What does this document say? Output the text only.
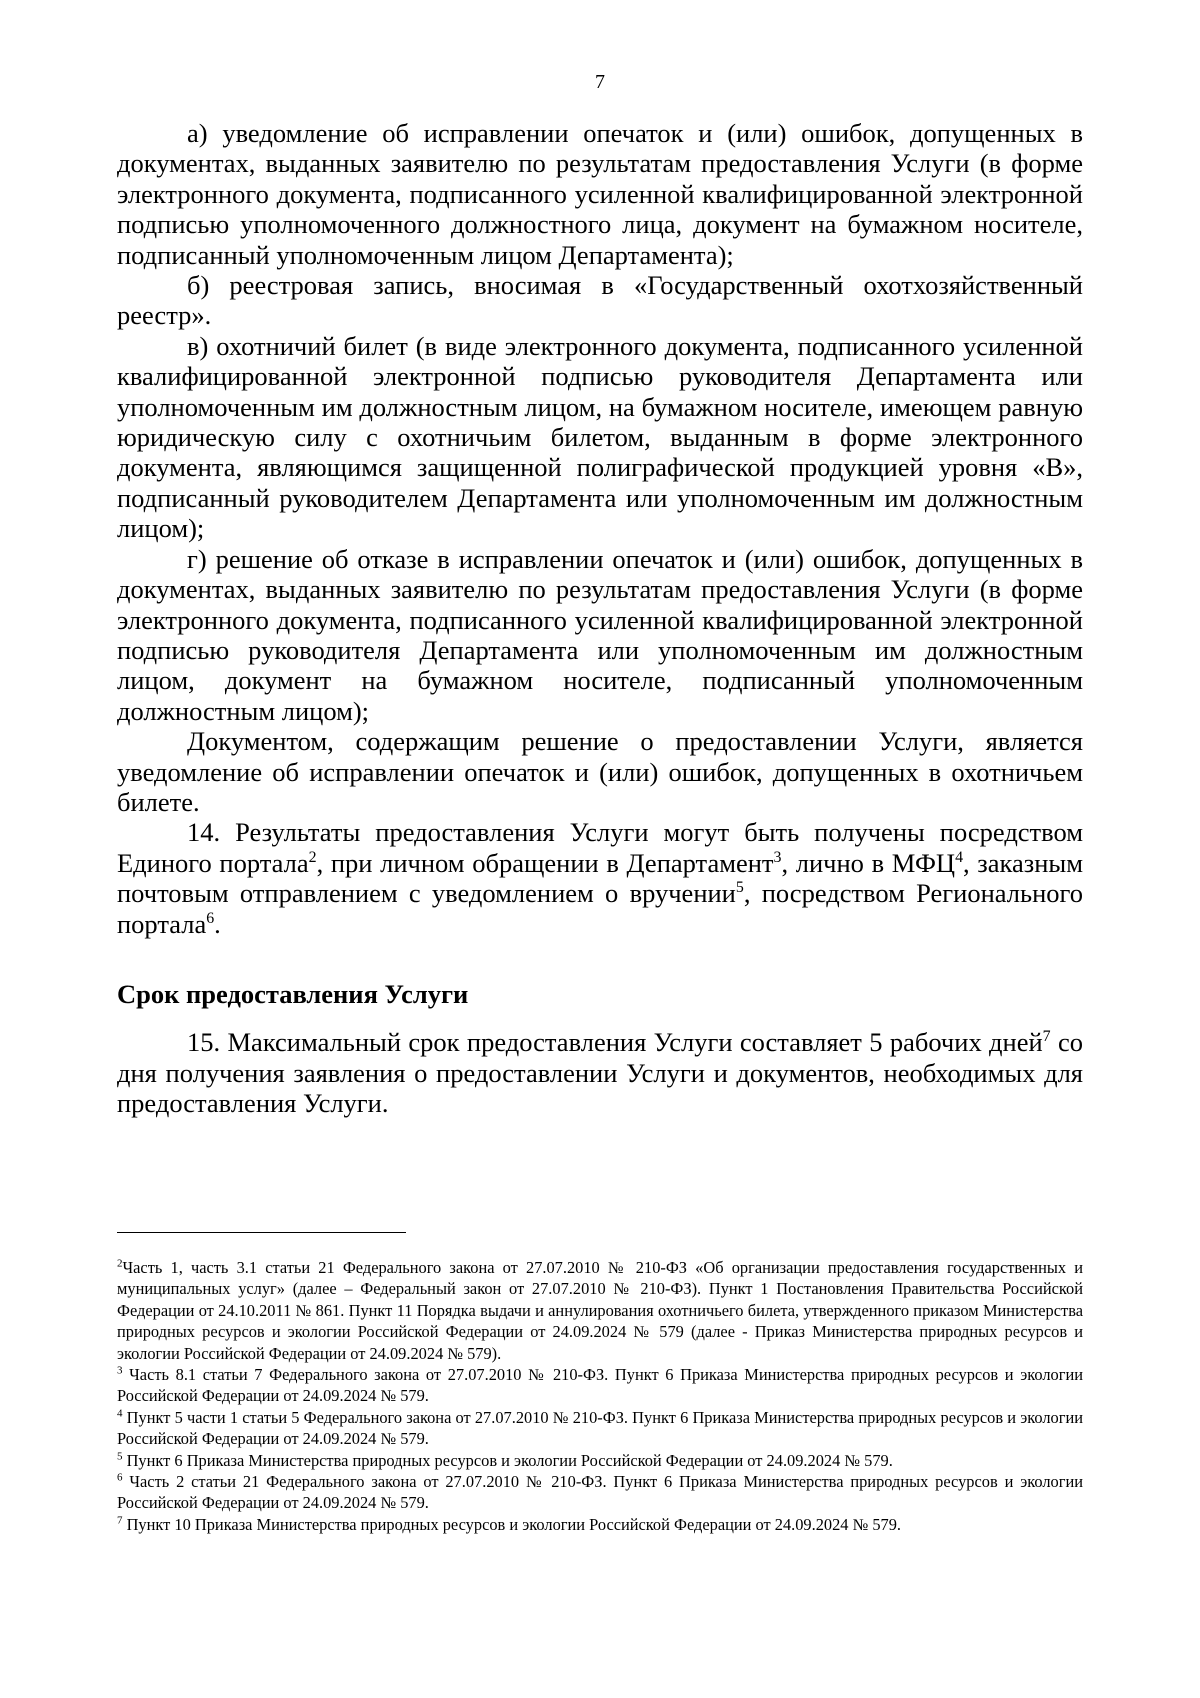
7

а) уведомление об исправлении опечаток и (или) ошибок, допущенных в документах, выданных заявителю по результатам предоставления Услуги (в форме электронного документа, подписанного усиленной квалифицированной электронной подписью уполномоченного должностного лица, документ на бумажном носителе, подписанный уполномоченным лицом Департамента);

б) реестровая запись, вносимая в «Государственный охотхозяйственный реестр».

в) охотничий билет (в виде электронного документа, подписанного усиленной квалифицированной электронной подписью руководителя Департамента или уполномоченным им должностным лицом, на бумажном носителе, имеющем равную юридическую силу с охотничьим билетом, выданным в форме электронного документа, являющимся защищенной полиграфической продукцией уровня «В», подписанный руководителем Департамента или уполномоченным им должностным лицом);

г) решение об отказе в исправлении опечаток и (или) ошибок, допущенных в документах, выданных заявителю по результатам предоставления Услуги (в форме электронного документа, подписанного усиленной квалифицированной электронной подписью руководителя Департамента или уполномоченным им должностным лицом, документ на бумажном носителе, подписанный уполномоченным должностным лицом);

Документом, содержащим решение о предоставлении Услуги, является уведомление об исправлении опечаток и (или) ошибок, допущенных в охотничьем билете.

14. Результаты предоставления Услуги могут быть получены посредством Единого портала$^2$, при личном обращении в Департамент$^3$, лично в МФЦ$^4$, заказным почтовым отправлением с уведомлением о вручении$^5$, посредством Регионального портала$^6$.

Срок предоставления Услуги

15. Максимальный срок предоставления Услуги составляет 5 рабочих дней$^7$ со дня получения заявления о предоставлении Услуги и документов, необходимых для предоставления Услуги.

$^2$Часть 1, часть 3.1 статьи 21 Федерального закона от 27.07.2010 № 210-ФЗ «Об организации предоставления государственных и муниципальных услуг» (далее – Федеральный закон от 27.07.2010 № 210-ФЗ). Пункт 1 Постановления Правительства Российской Федерации от 24.10.2011 № 861. Пункт 11 Порядка выдачи и аннулирования охотничьего билета, утвержденного приказом Министерства природных ресурсов и экологии Российской Федерации от 24.09.2024 № 579 (далее - Приказ Министерства природных ресурсов и экологии Российской Федерации от 24.09.2024 № 579).

$^3$ Часть 8.1 статьи 7 Федерального закона от 27.07.2010 № 210-ФЗ. Пункт 6 Приказа Министерства природных ресурсов и экологии Российской Федерации от 24.09.2024 № 579.

$^4$ Пункт 5 части 1 статьи 5 Федерального закона от 27.07.2010 № 210-ФЗ. Пункт 6 Приказа Министерства природных ресурсов и экологии Российской Федерации от 24.09.2024 № 579.

$^5$ Пункт 6 Приказа Министерства природных ресурсов и экологии Российской Федерации от 24.09.2024 № 579.

$^6$ Часть 2 статьи 21 Федерального закона от 27.07.2010 № 210-ФЗ. Пункт 6 Приказа Министерства природных ресурсов и экологии Российской Федерации от 24.09.2024 № 579.

$^7$ Пункт 10 Приказа Министерства природных ресурсов и экологии Российской Федерации от 24.09.2024 № 579.
